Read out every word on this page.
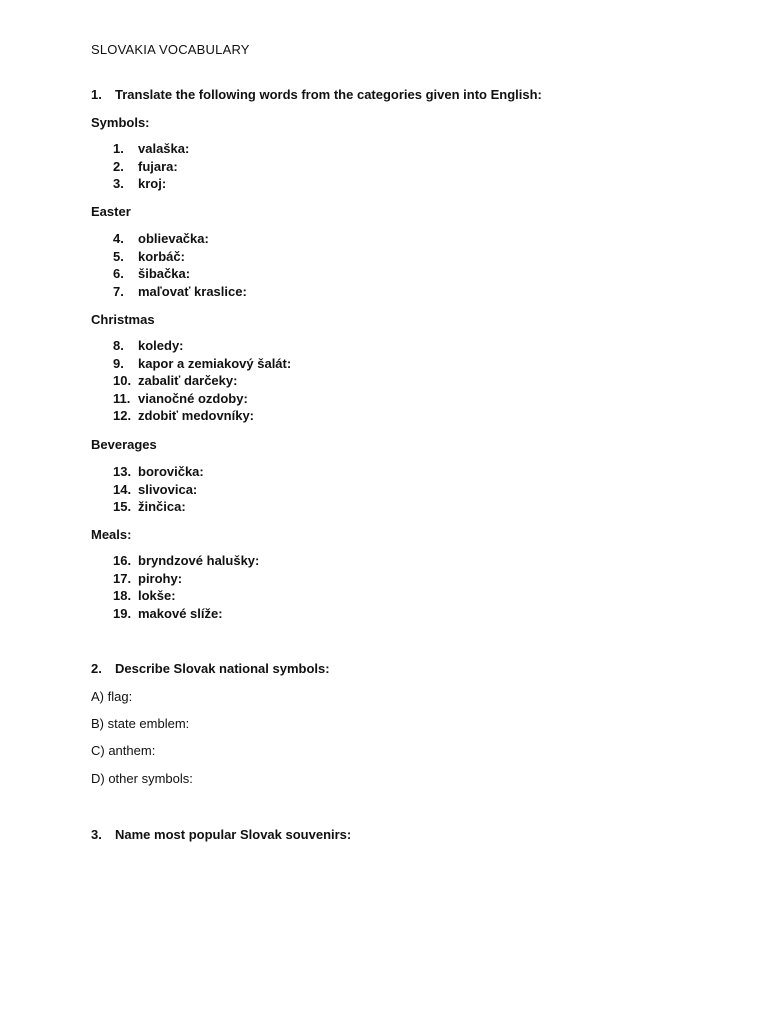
SLOVAKIA VOCABULARY
1.	Translate the following words from the categories given into English:
Symbols:
1.	valaška:
2.	fujara:
3.	kroj:
Easter
4.	oblievačka:
5.	korbáč:
6.	šibačka:
7.	maľovať kraslice:
Christmas
8.	koledy:
9.	kapor a zemiakový šalát:
10. zabaliť darčeky:
11. vianočné ozdoby:
12. zdobiť medovníky:
Beverages
13. borovička:
14. slivovica:
15. žinčica:
Meals:
16. bryndzové halušky:
17. pirohy:
18. lokše:
19. makové slíže:
2.	Describe Slovak national symbols:
A) flag:
B) state emblem:
C) anthem:
D) other symbols:
3.	Name most popular Slovak souvenirs:
